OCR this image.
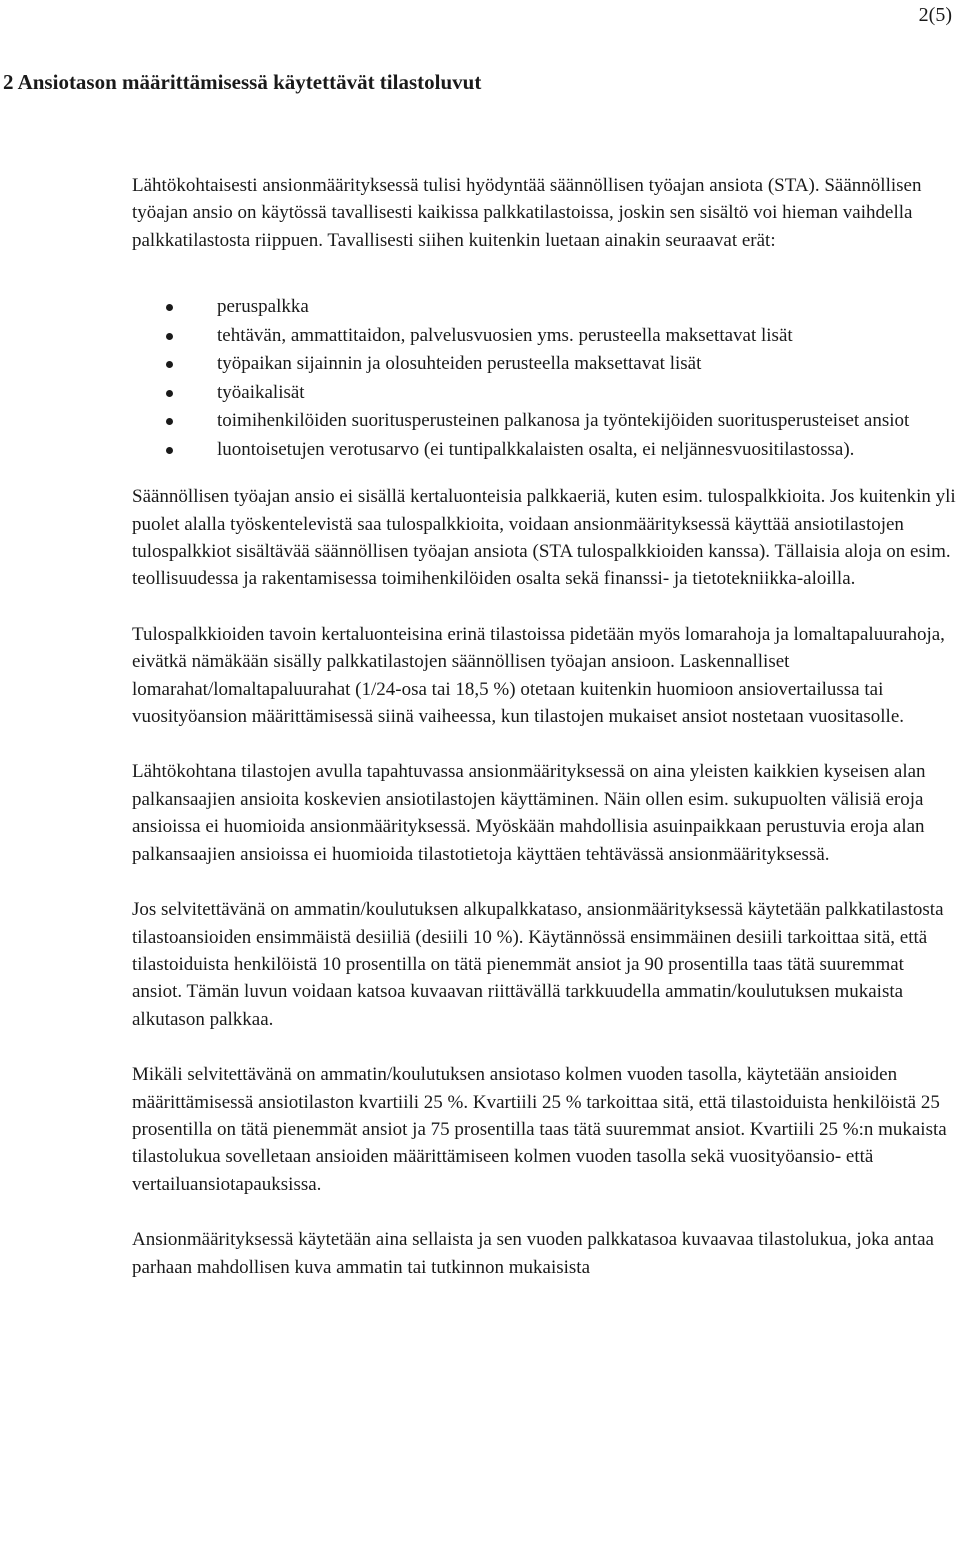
2(5)
2 Ansiotason määrittämisessä käytettävät tilastoluvut

Lähtökohtaisesti ansionmäärityksessä tulisi hyödyntää säännöllisen työajan ansiota (STA). Säännöllisen työajan ansio on käytössä tavallisesti kaikissa palkkatilastoissa, joskin sen sisältö voi hieman vaihdella palkkatilastosta riippuen. Tavallisesti siihen kuitenkin luetaan ainakin seuraavat erät:

peruspalkka
tehtävän, ammattitaidon, palvelusvuosien yms. perusteella maksettavat lisät
työpaikan sijainnin ja olosuhteiden perusteella maksettavat lisät
työaikalisät
toimihenkilöiden suoritusperusteinen palkanosa ja työntekijöiden suoritusperusteiset ansiot
luontoisetujen verotusarvo (ei tuntipalkkalaisten osalta, ei neljännesvuositilastossa).

Säännöllisen työajan ansio ei sisällä kertaluonteisia palkkaeriä, kuten esim. tulospalkkioita. Jos kuitenkin yli puolet alalla työskentelevistä saa tulospalkkioita, voidaan ansionmäärityksessä käyttää ansiotilastojen tulospalkkiot sisältävää säännöllisen työajan ansiota (STA tulospalkkioiden kanssa). Tällaisia aloja on esim. teollisuudessa ja rakentamisessa toimihenkilöiden osalta sekä finanssi- ja tietotekniikka-aloilla.

Tulospalkkioiden tavoin kertaluonteisina erinä tilastoissa pidetään myös lomarahoja ja lomaltapaluurahoja, eivätkä nämäkään sisälly palkkatilastojen säännöllisen työajan ansioon. Laskennalliset lomarahat/lomaltapaluurahat (1/24-osa tai 18,5 %) otetaan kuitenkin huomioon ansiovertailussa tai vuosityöansion määrittämisessä siinä vaiheessa, kun tilastojen mukaiset ansiot nostetaan vuositasolle.

Lähtökohtana tilastojen avulla tapahtuvassa ansionmäärityksessä on aina yleisten kaikkien kyseisen alan palkansaajien ansioita koskevien ansiotilastojen käyttäminen. Näin ollen esim. sukupuolten välisiä eroja ansioissa ei huomioida ansionmäärityksessä. Myöskään mahdollisia asuinpaikkaan perustuvia eroja alan palkansaajien ansioissa ei huomioida tilastotietoja käyttäen tehtävässä ansionmäärityksessä.

Jos selvitettävänä on ammatin/koulutuksen alkupalkkataso, ansionmäärityksessä käytetään palkkatilastosta tilastoansioiden ensimmäistä desiiliä (desiili 10 %). Käytännössä ensimmäinen desiili tarkoittaa sitä, että tilastoiduista henkilöistä 10 prosentilla on tätä pienemmät ansiot ja 90 prosentilla taas tätä suuremmat ansiot. Tämän luvun voidaan katsoa kuvaavan riittävällä tarkkuudella ammatin/koulutuksen mukaista alkutason palkkaa.

Mikäli selvitettävänä on ammatin/koulutuksen ansiotaso kolmen vuoden tasolla, käytetään ansioiden määrittämisessä ansiotilaston kvartiili 25 %. Kvartiili 25 % tarkoittaa sitä, että tilastoiduista henkilöistä 25 prosentilla on tätä pienemmät ansiot ja 75 prosentilla taas tätä suuremmat ansiot. Kvartiili 25 %:n mukaista tilastolukua sovelletaan ansioiden määrittämiseen kolmen vuoden tasolla sekä vuosityöansio- että vertailuansiotapauksissa.

Ansionmäärityksessä käytetään aina sellaista ja sen vuoden palkkatasoa kuvaavaa tilastolukua, joka antaa parhaan mahdollisen kuva ammatin tai tutkinnon mukaisista
